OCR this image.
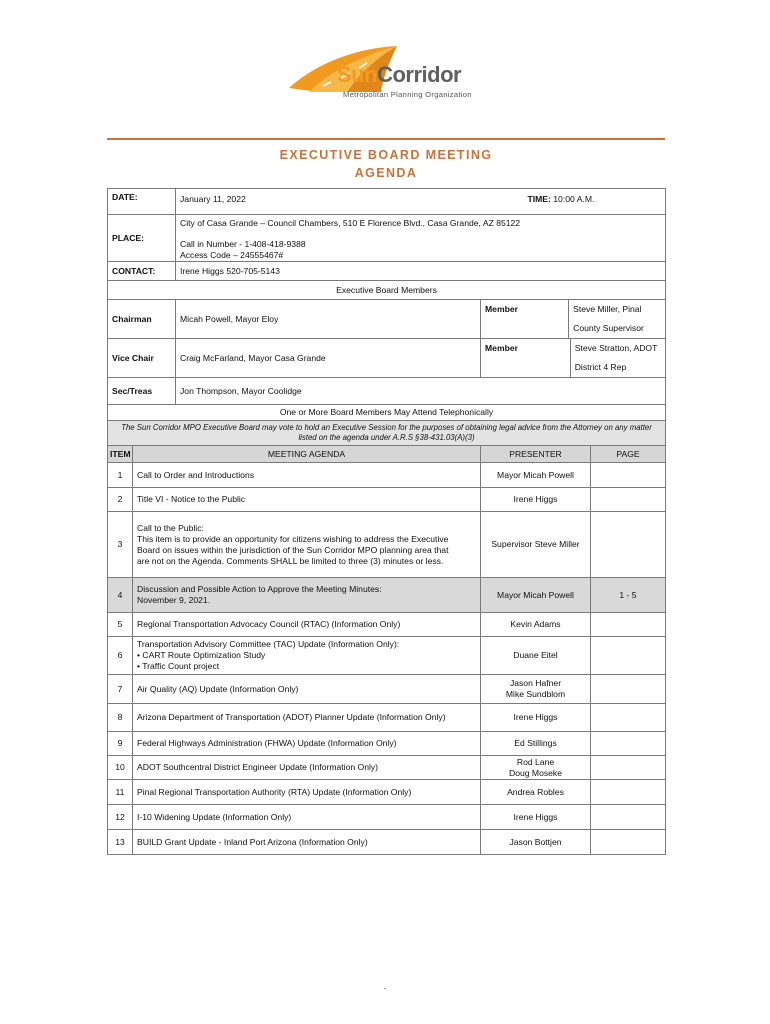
SunCorridor
Metropolitan Planning Organization
EXECUTIVE BOARD MEETING
AGENDA
DATE:		January 11, 2022	TIME: 10:00 A.M.	
PLACE:		City of Casa Grande – Council Chambers, 510 E Florence Blvd., Casa Grande, AZ 85122
Call in Number - 1-408-418-9388
Access Code – 24555467#		

CONTACT:		Irene Higgs 520-705-5143		
Executive Board Members				
Chairman		Micah Powell, Mayor Eloy	Member Steve Miller, Pinal County Supervisor	

Vice Chair		Craig McFarland, Mayor Casa Grande	Member Steve Stratton, ADOT District 4 Rep	

Sec/Treas		Jon Thompson, Mayor Coolidge		
One or More Board Members May Attend Telephonically				
The Sun Corridor MPO Executive Board may vote to hold an Executive Session for the purposes of obtaining legal advice from the Attorney on any matter listed on the agenda under A.R.S §38-431.03(A)(3)				
ITEM	MEETING AGENDA		PRESENTER	PAGE
1	Call to Order and Introductions		Mayor Micah Powell	

2	Title VI - Notice to the Public		Irene Higgs	

3	Call to the Public:
This item is to provide an opportunity for citizens wishing to address the Executive
Board on issues within the jurisdiction of the Sun Corridor MPO planning area that
are not on the Agenda. Comments SHALL be limited to three (3) minutes or less.		Supervisor Steve Miller	

4	Discussion and Possible Action to Approve the Meeting Minutes:
November 9, 2021.		Mayor Micah Powell	1 - 5
5	Regional Transportation Advocacy Council (RTAC) (Information Only)		Kevin Adams	

6	Transportation Advisory Committee (TAC) Update (Information Only):
• CART Route Optimization Study
• Traffic Count project		Duane Eitel	

7	Air Quality (AQ) Update (Information Only)		Jason Hafner
Mike Sundblom	

8	Arizona Department of Transportation (ADOT) Planner Update (Information Only)		Irene Higgs	

9	Federal Highways Administration (FHWA) Update (Information Only)		Ed Stillings	

10	ADOT Southcentral District Engineer Update (Information Only)		Rod Lane
Doug Moseke	

11	Pinal Regional Transportation Authority (RTA) Update (Information Only)		Andrea Robles	

12	I-10 Widening Update (Information Only)		Irene Higgs	

13	BUILD Grant Update - Inland Port Arizona (Information Only)		Jason Bottjen	
